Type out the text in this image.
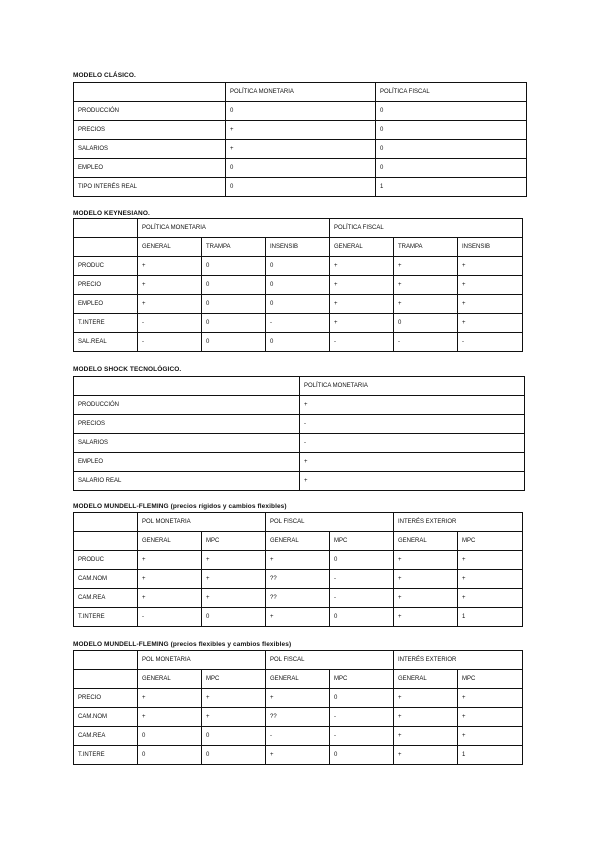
MODELO CLÁSICO.
	POLÍTICA MONETARIA	POLÍTICA FISCAL
PRODUCCIÓN	0	0
PRECIOS	+	0
SALARIOS	+	0
EMPLEO	0	0
TIPO INTERÉS REAL	0	1
MODELO KEYNESIANO.
	POLÍTICA MONETARIA			POLÍTICA FISCAL		
	GENERAL	TRAMPA	INSENSIB	GENERAL	TRAMPA	INSENSIB
PRODUC	+	0	0	+	+	+
PRECIO	+	0	0	+	+	+
EMPLEO	+	0	0	+	+	+
T.INTERE	-	0	-	+	0	+
SAL.REAL	-	0	0	-	-	-
MODELO SHOCK TECNOLÓGICO.
	POLÍTICA MONETARIA
PRODUCCIÓN	+
PRECIOS	-
SALARIOS	-
EMPLEO	+
SALARIO REAL	+
MODELO MUNDELL-FLEMING (precios rígidos y cambios flexibles)
	POL MONETARIA		POL FISCAL		INTERÉS EXTERIOR	
	GENERAL	MPC	GENERAL	MPC	GENERAL	MPC
PRODUC	+	+	+	0	+	+
CAM.NOM	+	+	??	-	+	+
CAM.REA	+	+	??	-	+	+
T.INTERE	-	0	+	0	+	1
MODELO MUNDELL-FLEMING (precios flexibles y cambios flexibles)
	POL MONETARIA		POL FISCAL		INTERÉS EXTERIOR	
	GENERAL	MPC	GENERAL	MPC	GENERAL	MPC
PRECIO	+	+	+	0	+	+
CAM.NOM	+	+	??	-	+	+
CAM.REA	0	0	-	-	+	+
T.INTERE	0	0	+	0	+	1
